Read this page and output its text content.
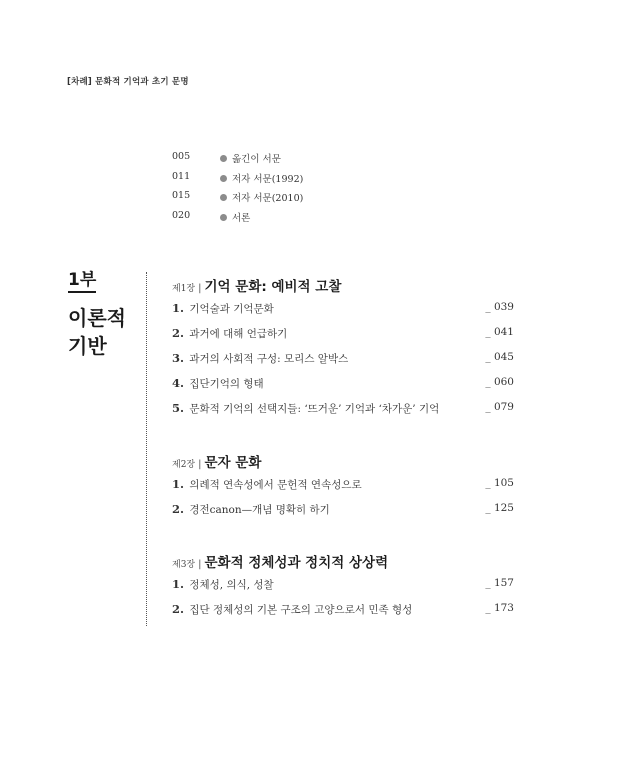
[차례] 문화적 기억과 초기 문명
005	옮긴이 서문
011	저자 서문(1992)
015	저자 서문(2010)
020	서론
1부
이론적 기반
제1장 | 기억 문화: 예비적 고찰
1. 기억술과 기억문화	_ 039
2. 과거에 대해 언급하기	_ 041
3. 과거의 사회적 구성: 모리스 알박스	_ 045
4. 집단기억의 형태	_ 060
5. 문화적 기억의 선택지들: ‘뜨거운’ 기억과 ‘차가운’ 기억	_ 079
제2장 | 문자 문화
1. 의례적 연속성에서 문헌적 연속성으로	_ 105
2. 경전canon—개념 명확히 하기	_ 125
제3장 | 문화적 정체성과 정치적 상상력
1. 정체성, 의식, 성찰	_ 157
2. 집단 정체성의 기본 구조의 고양으로서 민족 형성	_ 173
